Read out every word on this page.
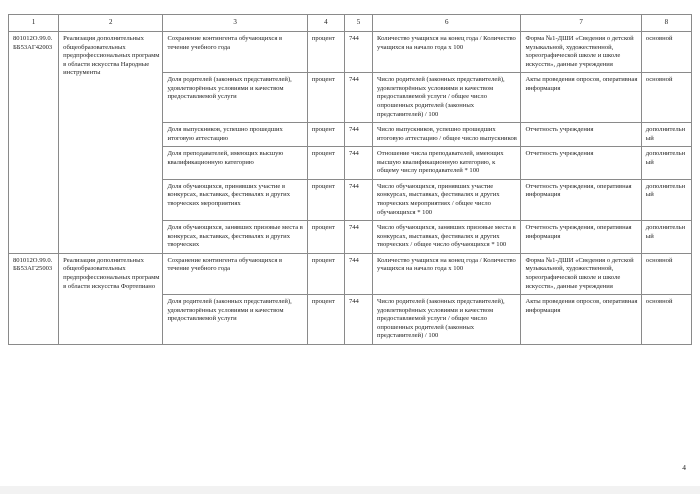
1	2	3	4	5	6	7	8
801012О.99.0.ББ53АГ42003	Реализация дополнительных общеобразовательных предпрофессиональных программ в области искусства Народные инструменты	Сохранение контингента обучающихся в течение учебного года	процент	744	Количество учащихся на конец года / Количество учащихся на начало года х 100	Форма №1-ДШИ «Сведения о детской музыкальной, художественной, хореографической школе и школе искусств», данные учреждения	основной
		Доля родителей (законных представителей), удовлетворённых условиями и качеством предоставляемой услуги	процент	744	Число родителей (законных представителей), удовлетворённых условиями и качеством предоставляемой услуги / общее число опрошенных родителей (законных представителей) / 100	Акты проведения опросов, оперативная информация	основной
		Доля выпускников, успешно прошедших итоговую аттестацию	процент	744	Число выпускников, успешно прошедших итоговую аттестацию / общее число выпускников	Отчетность учреждения	дополнительный
		Доля преподавателей, имеющих высшую квалификационную категорию	процент	744	Отношение числа преподавателей, имеющих высшую квалификационную категорию, к общему числу преподавателей * 100	Отчетность учреждения	дополнительный
		Доля обучающихся, принявших участие в конкурсах, выставках, фестивалях и других творческих мероприятиях	процент	744	Число обучающихся, принявших участие конкурсах, выставках, фестивалях и других творческих мероприятиях / общее число обучающихся * 100	Отчетность учреждения, оперативная информация	дополнительный
		Доля обучающихся, занявших призовые места в конкурсах, выставках, фестивалях и других творческих	процент	744	Число обучающихся, занявших призовые места в конкурсах, выставках, фестивалях и других творческих / общее число обучающихся * 100	Отчетность учреждения, оперативная информация	дополнительный
801012О.99.0.ББ53АГ25003	Реализация дополнительных общеобразовательных предпрофессиональных программ в области искусства Фортепиано	Сохранение контингента обучающихся в течение учебного года	процент	744	Количество учащихся на конец года / Количество учащихся на начало года х 100	Форма №1-ДШИ «Сведения о детской музыкальной, художественной, хореографической школе и школе искусств», данные учреждения	основной
		Доля родителей (законных представителей), удовлетворённых условиями и качеством предоставляемой услуги	процент	744	Число родителей (законных представителей), удовлетворённых условиями и качеством предоставляемой услуги / общее число опрошенных родителей (законных представителей) / 100	Акты проведения опросов, оперативная информация	основной
4
